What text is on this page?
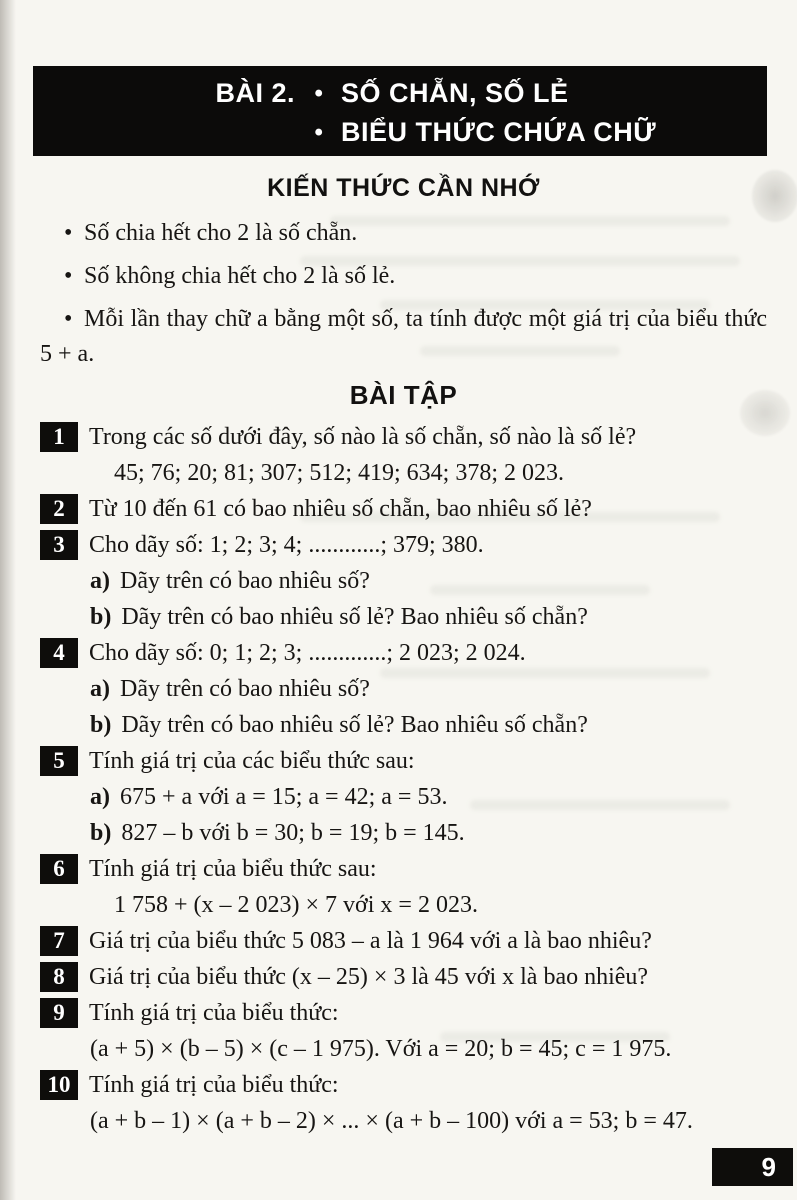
BÀI 2. • SỐ CHẴN, SỐ LẺ
• BIỂU THỨC CHỨA CHỮ
KIẾN THỨC CẦN NHỚ

• Số chia hết cho 2 là số chẵn.

• Số không chia hết cho 2 là số lẻ.

• Mỗi lần thay chữ a bằng một số, ta tính được một giá trị của biểu thức 5 + a.

BÀI TẬP
1	Trong các số dưới đây, số nào là số chẵn, số nào là số lẻ?
45; 76; 20; 81; 307; 512; 419; 634; 378; 2 023.
2	Từ 10 đến 61 có bao nhiêu số chẵn, bao nhiêu số lẻ?
3	Cho dãy số: 1; 2; 3; 4; ............; 379; 380.
a) Dãy trên có bao nhiêu số?
b) Dãy trên có bao nhiêu số lẻ? Bao nhiêu số chẵn?
4	Cho dãy số: 0; 1; 2; 3; .............; 2 023; 2 024.
a) Dãy trên có bao nhiêu số?
b) Dãy trên có bao nhiêu số lẻ? Bao nhiêu số chẵn?
5	Tính giá trị của các biểu thức sau:
a) 675 + a với a = 15; a = 42; a = 53.
b) 827 – b với b = 30; b = 19; b = 145.
6	Tính giá trị của biểu thức sau:
1 758 + (x – 2 023) × 7 với x = 2 023.
7	Giá trị của biểu thức 5 083 – a là 1 964 với a là bao nhiêu?
8	Giá trị của biểu thức (x – 25) × 3 là 45 với x là bao nhiêu?
9	Tính giá trị của biểu thức:
(a + 5) × (b – 5) × (c – 1 975). Với a = 20; b = 45; c = 1 975.
10 Tính giá trị của biểu thức:
(a + b – 1) × (a + b – 2) × ... × (a + b – 100) với a = 53; b = 47.
9
